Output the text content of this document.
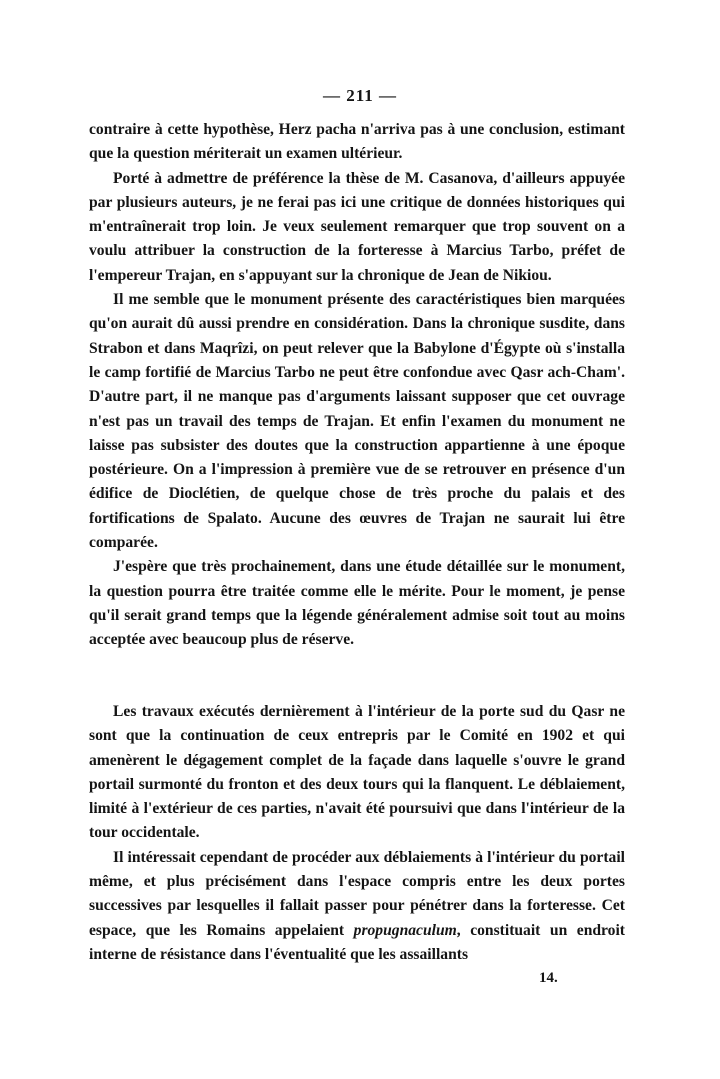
— 211 —

contraire à cette hypothèse, Herz pacha n'arriva pas à une conclusion, estimant que la question mériterait un examen ultérieur.

Porté à admettre de préférence la thèse de M. Casanova, d'ailleurs appuyée par plusieurs auteurs, je ne ferai pas ici une critique de données historiques qui m'entraînerait trop loin. Je veux seulement remarquer que trop souvent on a voulu attribuer la construction de la forteresse à Marcius Tarbo, préfet de l'empereur Trajan, en s'appuyant sur la chronique de Jean de Nikiou.

Il me semble que le monument présente des caractéristiques bien marquées qu'on aurait dû aussi prendre en considération. Dans la chronique susdite, dans Strabon et dans Maqrîzi, on peut relever que la Babylone d'Égypte où s'installa le camp fortifié de Marcius Tarbo ne peut être confondue avec Qasr ach-Cham'. D'autre part, il ne manque pas d'arguments laissant supposer que cet ouvrage n'est pas un travail des temps de Trajan. Et enfin l'examen du monument ne laisse pas subsister des doutes que la construction appartienne à une époque postérieure. On a l'impression à première vue de se retrouver en présence d'un édifice de Dioclétien, de quelque chose de très proche du palais et des fortifications de Spalato. Aucune des œuvres de Trajan ne saurait lui être comparée.

J'espère que très prochainement, dans une étude détaillée sur le monument, la question pourra être traitée comme elle le mérite. Pour le moment, je pense qu'il serait grand temps que la légende généralement admise soit tout au moins acceptée avec beaucoup plus de réserve.

Les travaux exécutés dernièrement à l'intérieur de la porte sud du Qasr ne sont que la continuation de ceux entrepris par le Comité en 1902 et qui amenèrent le dégagement complet de la façade dans laquelle s'ouvre le grand portail surmonté du fronton et des deux tours qui la flanquent. Le déblaiement, limité à l'extérieur de ces parties, n'avait été poursuivi que dans l'intérieur de la tour occidentale.

Il intéressait cependant de procéder aux déblaiements à l'intérieur du portail même, et plus précisément dans l'espace compris entre les deux portes successives par lesquelles il fallait passer pour pénétrer dans la forteresse. Cet espace, que les Romains appelaient propugnaculum, constituait un endroit interne de résistance dans l'éventualité que les assaillants

14.
